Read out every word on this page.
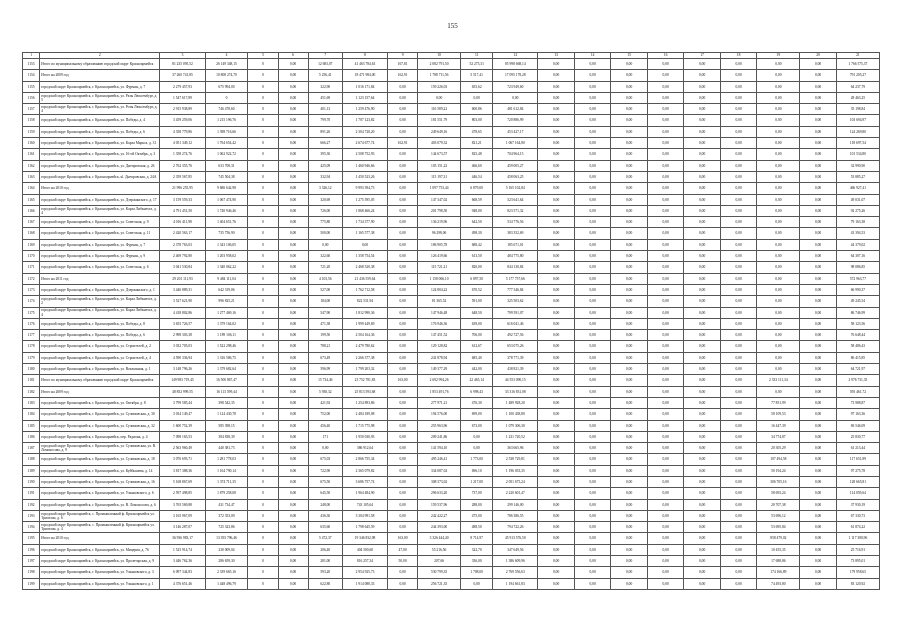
155
1	2	3	4	5	6	7	8	9	10	11	12	13	14	15	16	17	18	19	20	21
1153	Итого по муниципальному образованию городской округ Красноармейск	81 235 095,52	26 149 348,15	0	0,00	12 683,07	41 463 784,63	167,81	2 082 791,50	52 275,31	85 998 668,14	0,00	0,00	0,00	0,00	0,00	0,00	0,00	0,00	1 766 575,37
1154	Итого на 2009 год	37 260 741,85	10 808 274,70	0	0,00	5 256,41	18 471 984,00	162,91	1 788 711,56	5 517,41	17 095 178,28	0,00	0,00	0,00	0,00	0,00	0,00	0,00	0,00	791 205,27
1155	городской округ Красноармейск, г. Красноармейск, ул. Фурман, д. 7	2 279 457,93	675 994,00	0	0,00	322,90	1 016 171,84	0,00	159 226,03	655,62	723 949,60	0,00	0,00	0,00	0,00	0,00	0,00	0,00	0,00	64 237,79
1156	городской округ Красноармейск, г. Красноармейск, ул. Разы Люксембург, д. 5	1 547 617,89	0	0	0,00	451,69	1 123 157,64	0,00	0,00	0,00	0,00	0,00	0,00	0,00	0,00	0,00	0,00	0,00	0,00	28 463,25
1157	городской округ Красноармейск, г. Красноармейск, ул. Розы Люксембург, д. 4	2 915 938,89	746 478,60	0	0,00	401,13	1 259 476,90	0,00	116 589,22	600,86	481 612,84	0,00	0,00	0,00	0,00	0,00	0,00	0,00	0,00	35 198,84
1158	городской округ Красноармейск, г. Красноармейск, ул. Победы, д. 4	3 459 259,06	1 215 196,76	0	0,00	799,70	1 707 123,82	0,00	181 551,79	803,00	720 886,99	0,00	0,00	0,00	0,00	0,00	0,00	0,00	0,00	103 694,97
1159	городской округ Красноармейск, г. Красноармейск, ул. Победы, д. 6	4 358 779,86	1 398 716,66	0	0,00	891,26	2 304 720,20	0,00	249 649,16	478,65	453 427,17	0,00	0,00	0,00	0,00	0,00	0,00	0,00	0,00	124 269,80
1160	городской округ Красноармейск, г. Красноармейск, ул. Карла Маркса, д. 31	4 051 349,12	1 764 654,42	0	0,00	666,27	2 674 677,74	162,91	403 079,32	821,21	1 067 164,80	0,00	0,00	0,00	0,00	0,00	0,00	0,00	0,00	118 697,54
1161	городской округ Красноармейск, г. Красноармейск, ул. 16-ой Октябрь, д. 3	1 358 274,76	1 062 922,72	0	0,00	395,30	2 508 752,93	0,00	144 673,57	825,48	704 964,15	0,00	0,00	0,00	0,00	0,00	0,00	0,00	0,00	101 534,80
1162	городской округ Красноармейск, г. Красноармейск, ул. Днепровская, д. 26	2 762 355,76	633 708,31	0	0,00	425,09	1 460 946,66	0,00	103 151,22	466,60	459 005,27	0,00	0,00	0,00	0,00	0,00	0,00	0,00	0,00	32 990,90
1163	городской округ Красноармейск, г. Красноармейск, ul. Днепровская, д. 24А	2 359 567,85	745 504,38	0	0,00	332,94	1 450 523,26	0,00	115 197,31	446,54	458 063,25	0,00	0,00	0,00	0,00	0,00	0,00	0,00	0,00	53 885,27
1164	Итого на 2010 год	21 996 255,95	9 686 642,98	0	0,00	3 326,12	9 993 394,73	0,00	1 097 753,44	6 879,00	5 165 102,84	0,00	0,00	0,00	0,00	0,00	0,00	0,00	0,00	466 927,41
1165	городской округ Красноармейск, г. Красноармейск, ул. Дзержинского, д. 17	3 159 559,33	1 067 474,90	0	0,00	320,69	1 275 595,05	0,00	147 347,02	668,59	523 641,64	0,00	0,00	0,00	0,00	0,00	0,00	0,00	0,00	49 031,07
1166	городской округ Красноармейск, г. Красноармейск, ул. Карла Либкнехта, д. 4	4 791 451,50	1 740 946,46	0	0,00	726,00	1 868 466,24	0,00	201 798,50	948,00	823 571,32	0,00	0,00	0,00	0,00	0,00	0,00	0,00	0,00	92 275,26
1167	городской округ Красноармейск, г. Красноармейск, ул. Советская, д. 9	4 016 411,98	1 404 651,76	0	0,00	775,80	1 734 377,90	0,00	136 219,96	642,50	534 776,56	0,00	0,00	0,00	0,00	0,00	0,00	0,00	0,00	79 163,38
1168	городской округ Красноармейск, г. Красноармейск, ул. Советская, д. 11	2 420 563,17	735 756,90	0	0,00	500,00	1 165 577,38	0,00	96 298,06	498,30	383 352,69	0,00	0,00	0,00	0,00	0,00	0,00	0,00	0,00	43 394,53
1169	городской округ Красноармейск, г. Красноармейск, ул. Фурман, д. 7	2 378 763,03	1 343 106,05	0	0,00	0,00	0,00	0,00	186 905,78	688,42	185 671,01	0,00	0,00	0,00	0,00	0,00	0,00	0,00	0,00	44 379,02
1170	городской округ Красноармейск, г. Красноармейск, ул. Фурман, д. 9	2 469 792,80	1 203 958,02	0	0,00	322,60	1 358 754,54	0,00	126 419,66	613,50	484 775,80	0,00	0,00	0,00	0,00	0,00	0,00	0,00	0,00	64 307,16
1171	городской округ Красноармейск, г. Красноармейск, ул. Советская, д. 6	3 041 530,84	1 340 062,22	0	0,00	721,20	2 468 520,38	0,00	115 721,21	820,00	844 130,84	0,00	0,00	0,00	0,00	0,00	0,00	0,00	0,00	98 086,85
1172	Итого на 2011 год	29 201 111,93	9 484 111,04	0	0,00	4 103,56	21 436 559,64	0,00	1 158 066,10	6 897,50	5 177 757,66	0,00	0,00	0,00	0,00	0,00	0,00	0,00	0,00	572 963,77
1173	городской округ Красноармейск, г. Красноармейск, ул. Дзержинского, д. 1	3 446 889,31	642 319,06	0	0,00	527,00	1 762 712,58	0,00	124 804,22	670,52	777 346,84	0,00	0,00	0,00	0,00	0,00	0,00	0,00	0,00	66 990,37
1174	городской округ Красноармейск, г. Красноармейск, ул. Карла Либкнехта, д. 2	3 527 621,90	996 825,21	0	0,00	184,00	822 531,94	0,00	81 365,52	591,00	325 503,62	0,00	0,00	0,00	0,00	0,00	0,00	0,00	0,00	49 245,54
1175	городской округ Красноармейск, г. Красноармейск, ул. Карла Либкнехта, д. 4	4 418 802,86	1 277 469,16	0	0,00	547,90	1 812 990,36	0,00	147 946,48	648,50	799 591,07	0,00	0,00	0,00	0,00	0,00	0,00	0,00	0,00	86 746,99
1176	городской округ Красноармейск, г. Красноармейск, ул. Победы, д. 8	3 655 726,57	1 379 164,02	0	0,00	471,38	1 999 449,69	0,00	176 946,36	639,00	616 041,46	0,00	0,00	0,00	0,00	0,00	0,00	0,00	0,00	58 123,56
1177	городской округ Красноармейск, г. Красноармейск, ул. Победы, д. 6	2 998 303,38	1 189 106,11	0	0,00	199,50	2 504 164,36	0,00	147 451,52	706,00	492 727,56	0,00	0,00	0,00	0,00	0,00	0,00	0,00	0,00	76 648,44
1178	городской округ Красноармейск, г. Красноармейск, ул. Строителей, д. 2	3 032 705,03	1 522 298,46	0	0,00	788,21	2 479 780,62	0,00	129 128,82	612,67	653 075,26	0,00	0,00	0,00	0,00	0,00	0,00	0,00	0,00	58 486,43
1179	городской округ Красноармейск, г. Красноармейск, ул. Строителей, д. 4	4 590 336,94	1 316 586,75	0	0,00	673,49	2 266 377,38	0,00	241 878,94	685,40	378 771,39	0,00	0,00	0,00	0,00	0,00	0,00	0,00	0,00	86 415,85
1180	городской округ Красноармейск, г. Красноармейск, ул. Вокзальная, д. 1	3 148 796,26	1 379 682,64	0	0,00	596,99	1 799 203,32	0,00	149 377,29	442,00	438 821,39	0,00	0,00	0,00	0,00	0,00	0,00	0,00	0,00	64 721,97
1181	Итого по муниципальному образованию городской округ Красноармейск	149 983 719,45	16 500 867,47	0	0,00	15 734,46	23 752 781,83	163,00	2 692 994,26	22 465,14	44 553 090,15	0,00	0,00	0,00	0,00	0,00	0,00	2 333 111,34	0,00	2 976 731,35
1182	Итого на 2009 год	48 852 999,55	16 113 599,44	0	0,00	5 930,32	25 813 593,68	0,00	1 853 491,76	6 998,43	33 316 831,08	0,00	0,00	0,00	0,00	0,00	0,00	0,00	0,00	593 461,72
1183	городской округ Красноармейск, г. Красноармейск, ул. Октября, д. 8	3 799 585,44	398 542,35	0	0,00	421,92	1 254 893,86	0,00	277 971,21	476,30	1 489 928,20	0,00	0,00	0,00	0,00	0,00	0,00	77 851,99	0,00	73 988,87
1184	городской округ Красноармейск, г. Красноармейск, ул. Сулимовская, д. 30	3 034 149,47	1 124 430,78	0	0,00	752,00	2 484 189,08	0,00	194 576,00	699,00	1 100 438,80	0,00	0,00	0,00	0,00	0,00	0,00	58 109,53	0,00	97 163,36
1185	городской округ Красноармейск, г. Красноармейск, ул. Сулимовская, д. 32	1 600 752,39	585 398,15	0	0,00	456,40	1 715 775,98	0,00	255 963,96	673,00	1 079 306,30	0,00	0,00	0,00	0,00	0,00	0,00	16 447,39	0,00	69 546,09
1186	городской округ Красноармейск, г. Красноармейск, пер. Радиона, д. 4	7 098 165,53	384 838,39	0	0,00	171	1 950 030,93	0,00	209 241,86	0,00	1 231 720,52	0,00	0,00	0,00	0,00	0,00	0,00	34 774,87	0,00	25 830,77
1187	городской округ Красноармейск, г. Красноармейск, ул. Сулимовская, ул. В. Ломоносова, д. 9	2 563 960,49	440 381,73	0	0,00	0,00	386 912,64	0,00	141 594,10	0,00	363 665,96	0,00	0,00	0,00	0,00	0,00	0,00	20 305,29	0,00	61 213,44
1188	городской округ Красноармейск, г. Красноармейск, ул. Сулимовская, д. 18	3 076 693,71	1 281 778,03	0	0,00	675,03	2 866 755,34	0,00	495 246,41	1 773,00	2 538 729,81	0,00	0,00	0,00	0,00	0,00	0,00	107 494,58	0,00	117 651,89
1189	городской округ Красноармейск, г. Красноармейск, ул. Куйбышева, д. 14	3 817 388,36	1 164 790,14	0	0,00	722,90	2 365 079,82	0,00	334 087,02	696,10	1 196 033,35	0,00	0,00	0,00	0,00	0,00	0,00	50 194,24	0,00	97 275,78
1190	городской округ Красноармейск, г. Красноармейск, ул. Сулимовская, д. 16	5 168 867,69	1 374 711,35	0	0,00	675,50	3 686 757,74	0,00	308 373,02	1 217,00	2 051 675,24	0,00	0,00	0,00	0,00	0,00	0,00	306 705,16	0,00	128 665,81
1191	городской округ Красноармейск, г. Красноармейск, ул. Ульяновского, д. 6	2 597 498,85	1 879 258,08	0	0,00	645,50	1 964 484,90	0,00	296 633,20	737,00	2 220 601,47	0,00	0,00	0,00	0,00	0,00	0,00	58 693,24	0,00	114 059,64
1192	городской округ Красноармейск, г. Красноармейск, ул. В. Ломоносова, д. 6	3 765 569,88	431 734,47	0	0,00	248,00	743 105,64	0,00	159 537,96	288,00	299 146,00	0,00	0,00	0,00	0,00	0,00	0,00	20 707,38	0,00	37 930,19
1193	городской округ Красноармейск, с. Промышленный ф. Красноармейск ул. Триатлон, д. 6	3 165 967,09	372 353,09	0	0,00	436,30	3 304 991,58	0,00	242 422,27	475,00	786 386,55	0,00	0,00	0,00	0,00	0,00	0,00	53 696,12	0,00	67 330,73
1194	городской округ Красноармейск, с. Промышленный ф. Красноармейск ул. Триатлон, д. 4	3 146 287,07	725 323,86	0	0,00	635,60	1 798 645,59	0,00	244 393,00	488,50	794 722,26	0,00	0,00	0,00	0,00	0,00	0,00	53 695,84	0,00	61 874,22
1195	Итого на 2010 год	36 936 983,17	13 393 796,46	0	0,00	5 472,37	19 346 832,98	163,00	3 326 444,40	8 714,97	45 913 576,50	0,00	0,00	0,00	0,00	0,00	0,00	858 479,02	0,00	1 117 380,96
1196	городской округ Красноармейск, г. Красноармейск, ул. Мицерия, д. 76	1 525 914,74	230 009,04	0	0,00	206,40	404 500,60	47,00	55 216,56	322,70	347 649,56	0,00	0,00	0,00	0,00	0,00	0,00	10 455,35	0,00	25 716,91
1197	городской округ Красноармейск, г. Красноармейск, ул. Пролетарская, д. 9	3 446 762,36	286 659,30	0	0,00	281,00	816 257,34	50,00	207,66	336,00	1 386 609,96	0,00	0,00	0,00	0,00	0,00	0,00	17 688,86	0,00	73 895,01
1198	городской округ Красноармейск, г. Красноармейск, ул. Ульяновского, д. 3	6 097 344,83	2 339 665,16	0	0,00	593,20	2 954 925,73	0,00	530 799,35	1 708,00	2 769 556,63	0,00	0,00	0,00	0,00	0,00	0,00	174 166,89	0,00	179 958,65
1199	городской округ Красноармейск, г. Красноармейск, ул. Ульяновского, д. 1	4 376 651,46	1 448 496,79	0	0,00	622,80	1 914 088,33	0,00	256 721,35	0,00	1 194 661,83	0,00	0,00	0,00	0,00	0,00	0,00	74 493,80	0,00	83 120,92
